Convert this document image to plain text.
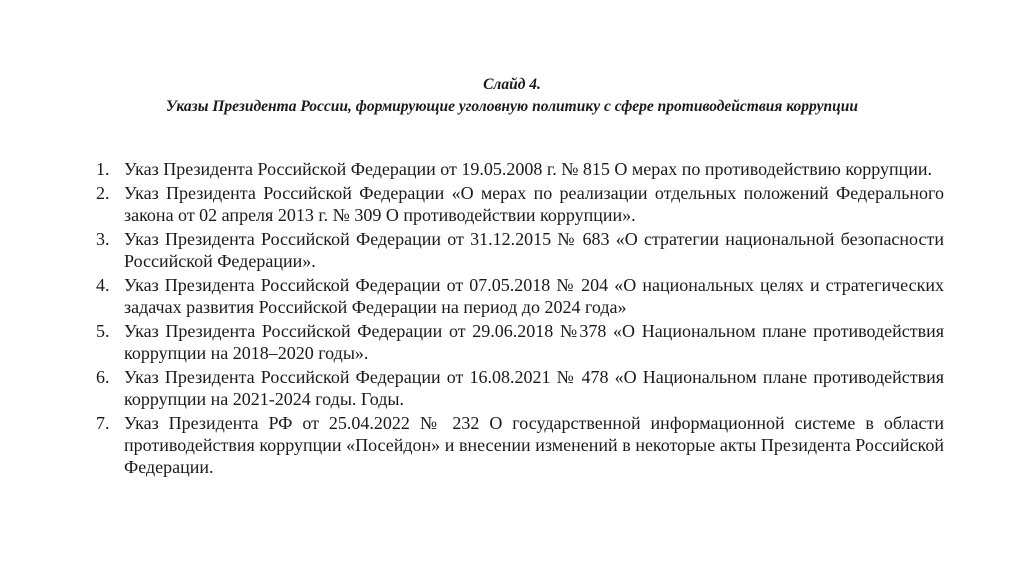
Слайд 4.
Указы Президента России, формирующие уголовную политику с сфере противодействия коррупции
1. Указ Президента Российской Федерации от 19.05.2008 г. № 815 О мерах по противодействию коррупции.
2. Указ Президента Российской Федерации «О мерах по реализации отдельных положений Федерального закона от 02 апреля 2013 г. № 309 О противодействии коррупции».
3. Указ Президента Российской Федерации от 31.12.2015 № 683 «О стратегии национальной безопасности Российской Федерации».
4. Указ Президента Российской Федерации от 07.05.2018 № 204 «О национальных целях и стратегических задачах развития Российской Федерации на период до 2024 года»
5. Указ Президента Российской Федерации от 29.06.2018 №378 «О Национальном плане противодействия коррупции на 2018–2020 годы».
6. Указ Президента Российской Федерации от 16.08.2021 № 478 «О Национальном плане противодействия коррупции на 2021-2024 годы. Годы.
7. Указ Президента РФ от 25.04.2022 № 232 О государственной информационной системе в области противодействия коррупции «Посейдон» и внесении изменений в некоторые акты Президента Российской Федерации.
